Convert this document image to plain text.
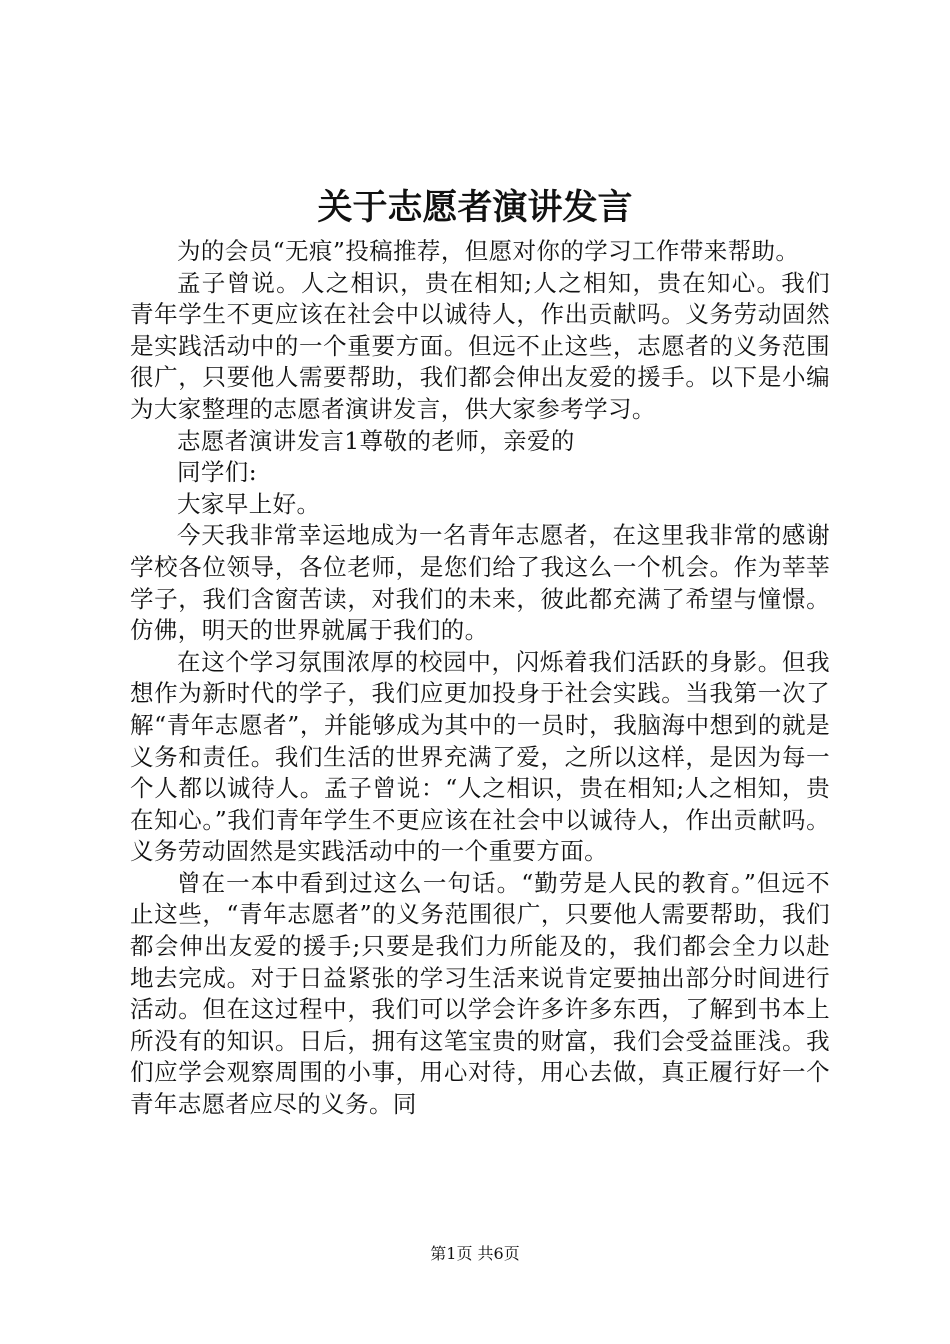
关于志愿者演讲发言

为的会员“无痕”投稿推荐，但愿对你的学习工作带来帮助。

孟子曾说。人之相识，贵在相知;人之相知，贵在知心。我们青年学生不更应该在社会中以诚待人，作出贡献吗。义务劳动固然是实践活动中的一个重要方面。但远不止这些，志愿者的义务范围很广，只要他人需要帮助，我们都会伸出友爱的援手。以下是小编为大家整理的志愿者演讲发言，供大家参考学习。

志愿者演讲发言1尊敬的老师，亲爱的

同学们:

大家早上好。

今天我非常幸运地成为一名青年志愿者，在这里我非常的感谢学校各位领导，各位老师，是您们给了我这么一个机会。作为莘莘学子，我们含窗苦读，对我们的未来，彼此都充满了希望与憧憬。仿佛，明天的世界就属于我们的。

在这个学习氛围浓厚的校园中，闪烁着我们活跃的身影。但我想作为新时代的学子，我们应更加投身于社会实践。当我第一次了解“青年志愿者”，并能够成为其中的一员时，我脑海中想到的就是义务和责任。我们生活的世界充满了爱，之所以这样，是因为每一个人都以诚待人。孟子曾说：“人之相识，贵在相知;人之相知，贵在知心。”我们青年学生不更应该在社会中以诚待人，作出贡献吗。义务劳动固然是实践活动中的一个重要方面。

曾在一本中看到过这么一句话。“勤劳是人民的教育。”但远不止这些，“青年志愿者”的义务范围很广，只要他人需要帮助，我们都会伸出友爱的援手;只要是我们力所能及的，我们都会全力以赴地去完成。对于日益紧张的学习生活来说肯定要抽出部分时间进行活动。但在这过程中，我们可以学会许多许多东西，了解到书本上所没有的知识。日后，拥有这笔宝贵的财富，我们会受益匪浅。我们应学会观察周围的小事，用心对待，用心去做，真正履行好一个青年志愿者应尽的义务。同

第1页 共6页
